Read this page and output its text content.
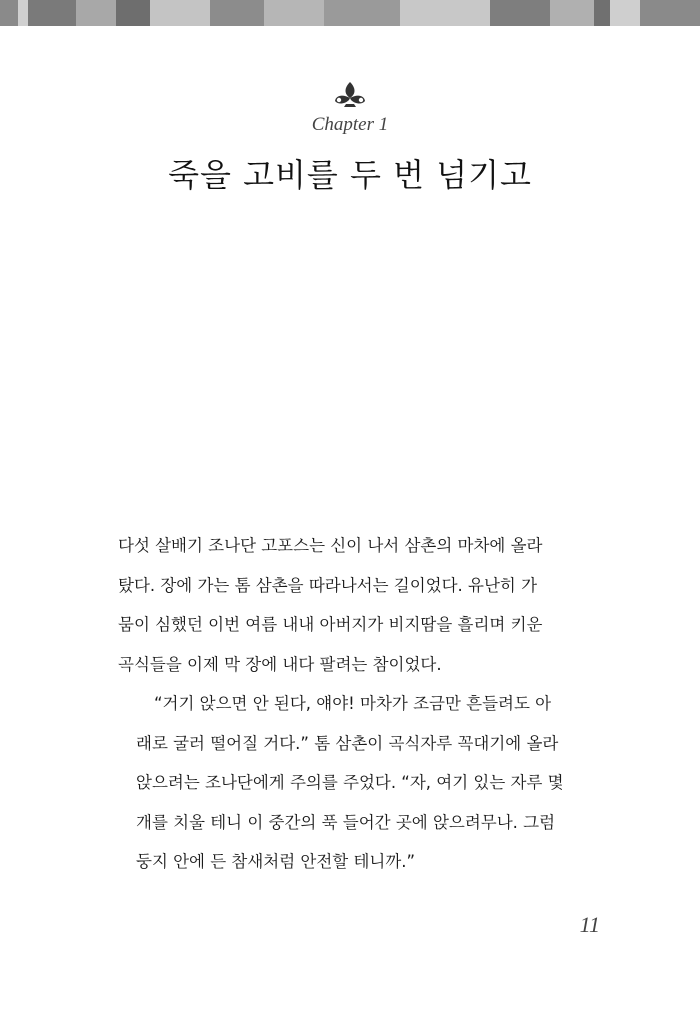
Chapter 1
죽을 고비를 두 번 넘기고

다섯 살배기 조나단 고포스는 신이 나서 삼촌의 마차에 올라
탔다. 장에 가는 톰 삼촌을 따라나서는 길이었다. 유난히 가
뭄이 심했던 이번 여름 내내 아버지가 비지땀을 흘리며 키운
곡식들을 이제 막 장에 내다 팔려는 참이었다.

“거기 앉으면 안 된다, 얘야! 마차가 조금만 흔들려도 아
래로 굴러 떨어질 거다.” 톰 삼촌이 곡식자루 꼭대기에 올라
앉으려는 조나단에게 주의를 주었다. “자, 여기 있는 자루 몇
개를 치울 테니 이 중간의 푹 들어간 곳에 앉으려무나. 그럼
둥지 안에 든 참새처럼 안전할 테니까.”

11
